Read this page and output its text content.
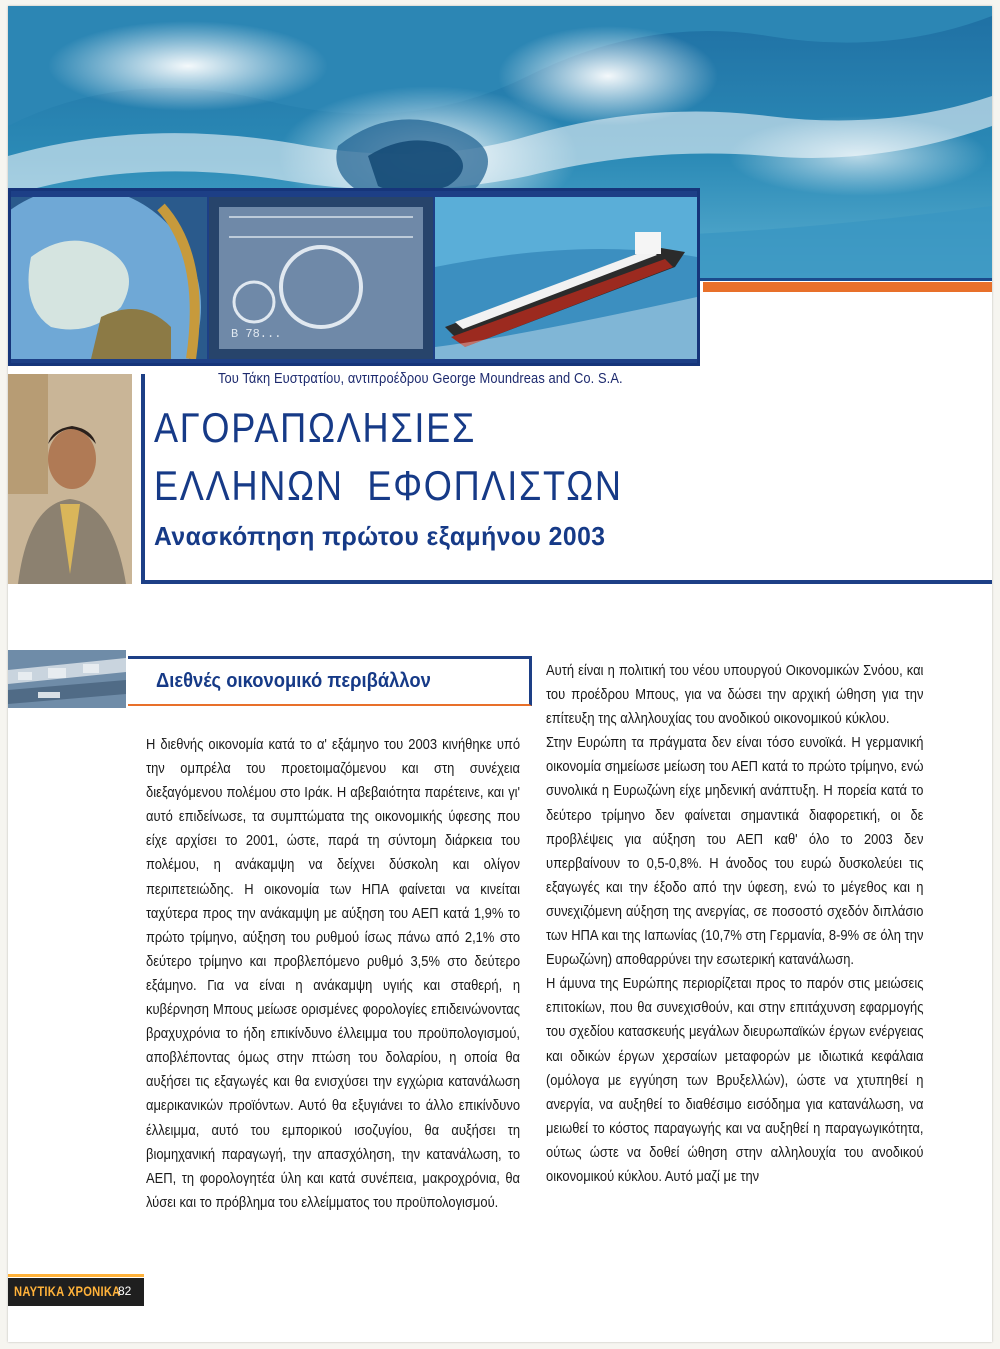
B 78...
Του Τάκη Ευστρατίου, αντιπροέδρου George Moundreas and Co. S.A.
ΑΓΟΡΑΠΩΛΗΣΙΕΣ
ΕΛΛΗΝΩΝ ΕΦΟΠΛΙΣΤΩΝ
Ανασκόπηση πρώτου εξαμήνου 2003
Διεθνές οικονομικό περιβάλλον

Η διεθνής οικονομία κατά το α' εξάμηνο του 2003 κινήθηκε υπό την ομπρέλα του προετοιμαζόμενου και στη συνέχεια διεξαγόμενου πολέμου στο Ιράκ. Η αβεβαιότητα παρέτεινε, και γι' αυτό επιδείνωσε, τα συμπτώματα της οικονομικής ύφεσης που είχε αρχίσει το 2001, ώστε, παρά τη σύντομη διάρκεια του πολέμου, η ανάκαμψη να δείχνει δύσκολη και ολίγον περιπετειώδης. Η οικονομία των ΗΠΑ φαίνεται να κινείται ταχύτερα προς την ανάκαμψη με αύξηση του ΑΕΠ κατά 1,9% το πρώτο τρίμηνο, αύξηση του ρυθμού ίσως πάνω από 2,1% στο δεύτερο τρίμηνο και προβλεπόμενο ρυθμό 3,5% στο δεύτερο εξάμηνο. Για να είναι η ανάκαμψη υγιής και σταθερή, η κυβέρνηση Μπους μείωσε ορισμένες φορολογίες επιδεινώνοντας βραχυχρόνια το ήδη επικίνδυνο έλλειμμα του προϋπολογισμού, αποβλέποντας όμως στην πτώση του δολαρίου, η οποία θα αυξήσει τις εξαγωγές και θα ενισχύσει την εγχώρια κατανάλωση αμερικανικών προϊόντων. Αυτό θα εξυγιάνει το άλλο επικίνδυνο έλλειμμα, αυτό του εμπορικού ισοζυγίου, θα αυξήσει τη βιομηχανική παραγωγή, την απασχόληση, την κατανάλωση, το ΑΕΠ, τη φορολογητέα ύλη και κατά συνέπεια, μακροχρόνια, θα λύσει και το πρόβλημα του ελλείμματος του προϋπολογισμού.

Αυτή είναι η πολιτική του νέου υπουργού Οικονομικών Σνόου, και του προέδρου Μπους, για να δώσει την αρχική ώθηση για την επίτευξη της αλληλουχίας του ανοδικού οικονομικού κύκλου.

Στην Ευρώπη τα πράγματα δεν είναι τόσο ευνοϊκά. Η γερμανική οικονομία σημείωσε μείωση του ΑΕΠ κατά το πρώτο τρίμηνο, ενώ συνολικά η Ευρωζώνη είχε μηδενική ανάπτυξη. Η πορεία κατά το δεύτερο τρίμηνο δεν φαίνεται σημαντικά διαφορετική, οι δε προβλέψεις για αύξηση του ΑΕΠ καθ' όλο το 2003 δεν υπερβαίνουν το 0,5-0,8%. Η άνοδος του ευρώ δυσκολεύει τις εξαγωγές και την έξοδο από την ύφεση, ενώ το μέγεθος και η συνεχιζόμενη αύξηση της ανεργίας, σε ποσοστό σχεδόν διπλάσιο των ΗΠΑ και της Ιαπωνίας (10,7% στη Γερμανία, 8-9% σε όλη την Ευρωζώνη) αποθαρρύνει την εσωτερική κατανάλωση.

Η άμυνα της Ευρώπης περιορίζεται προς το παρόν στις μειώσεις επιτοκίων, που θα συνεχισθούν, και στην επιτάχυνση εφαρμογής του σχεδίου κατασκευής μεγάλων διευρωπαϊκών έργων ενέργειας και οδικών έργων χερσαίων μεταφορών με ιδιωτικά κεφάλαια (ομόλογα με εγγύηση των Βρυξελλών), ώστε να χτυπηθεί η ανεργία, να αυξηθεί το διαθέσιμο εισόδημα για κατανάλωση, να μειωθεί το κόστος παραγωγής και να αυξηθεί η παραγωγικότητα, ούτως ώστε να δοθεί ώθηση στην αλληλουχία του ανοδικού οικονομικού κύκλου. Αυτό μαζί με την

ΝΑΥΤΙΚΑ ΧΡΟΝΙΚΑ
82
